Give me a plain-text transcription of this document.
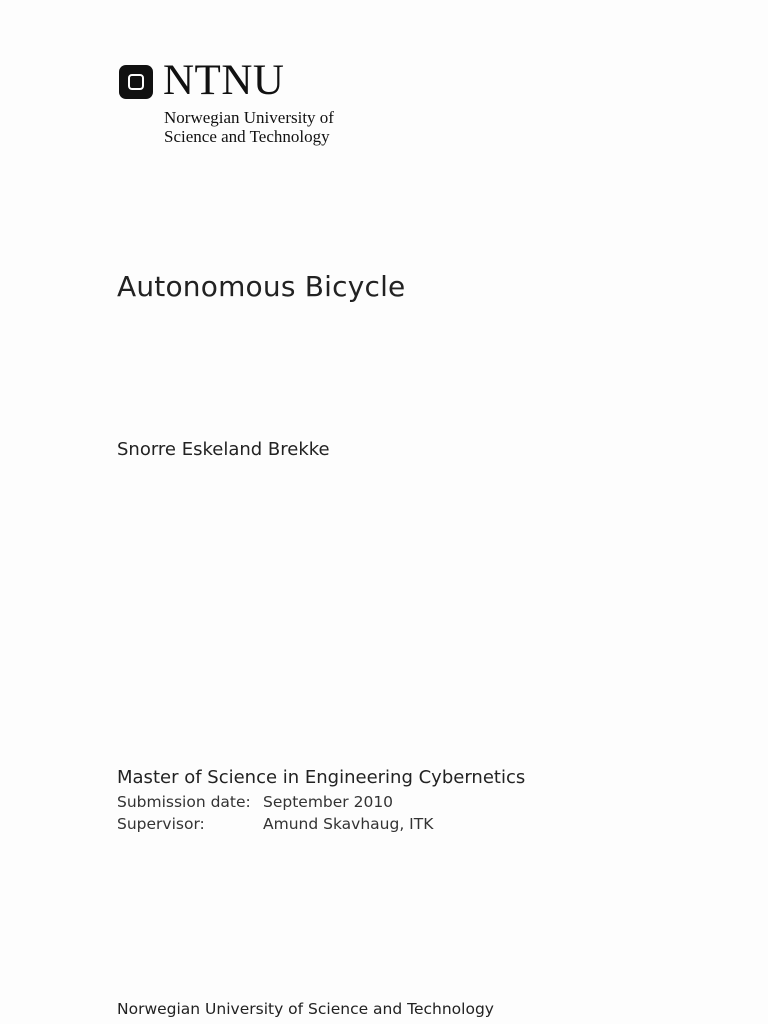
NTNU
Norwegian University of
Science and Technology
Autonomous Bicycle
Snorre Eskeland Brekke
Master of Science in Engineering Cybernetics
Submission date: September 2010
Supervisor:	Amund Skavhaug, ITK
Norwegian University of Science and Technology
